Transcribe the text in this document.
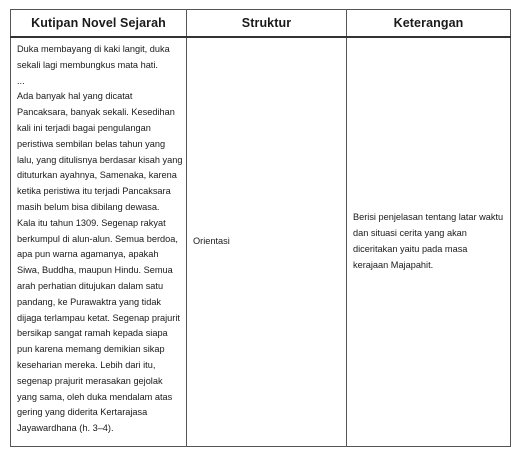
Kutipan Novel Sejarah	Struktur	Keterangan

Duka membayang di kaki langit, duka sekali lagi membungkus mata hati.
...
Ada banyak hal yang dicatat Pancaksara, banyak sekali. Kesedihan kali ini terjadi bagai pengulangan peristiwa sembilan belas tahun yang lalu, yang ditulisnya berdasar kisah yang dituturkan ayahnya, Samenaka, karena ketika peristiwa itu terjadi Pancaksara masih belum bisa dibilang dewasa.
Kala itu tahun 1309. Segenap rakyat berkumpul di alun-alun. Semua berdoa, apa pun warna agamanya, apakah Siwa, Buddha, maupun Hindu. Semua arah perhatian ditujukan dalam satu pandang, ke Purawaktra yang tidak dijaga terlampau ketat. Segenap prajurit bersikap sangat ramah kepada siapa pun karena memang demikian sikap keseharian mereka. Lebih dari itu, segenap prajurit merasakan gejolak yang sama, oleh duka mendalam atas gering yang diderita Kertarajasa Jayawardhana (h. 3–4).	Orientasi	Berisi penjelasan tentang latar waktu dan situasi cerita yang akan diceritakan yaitu pada masa kerajaan Majapahit.
